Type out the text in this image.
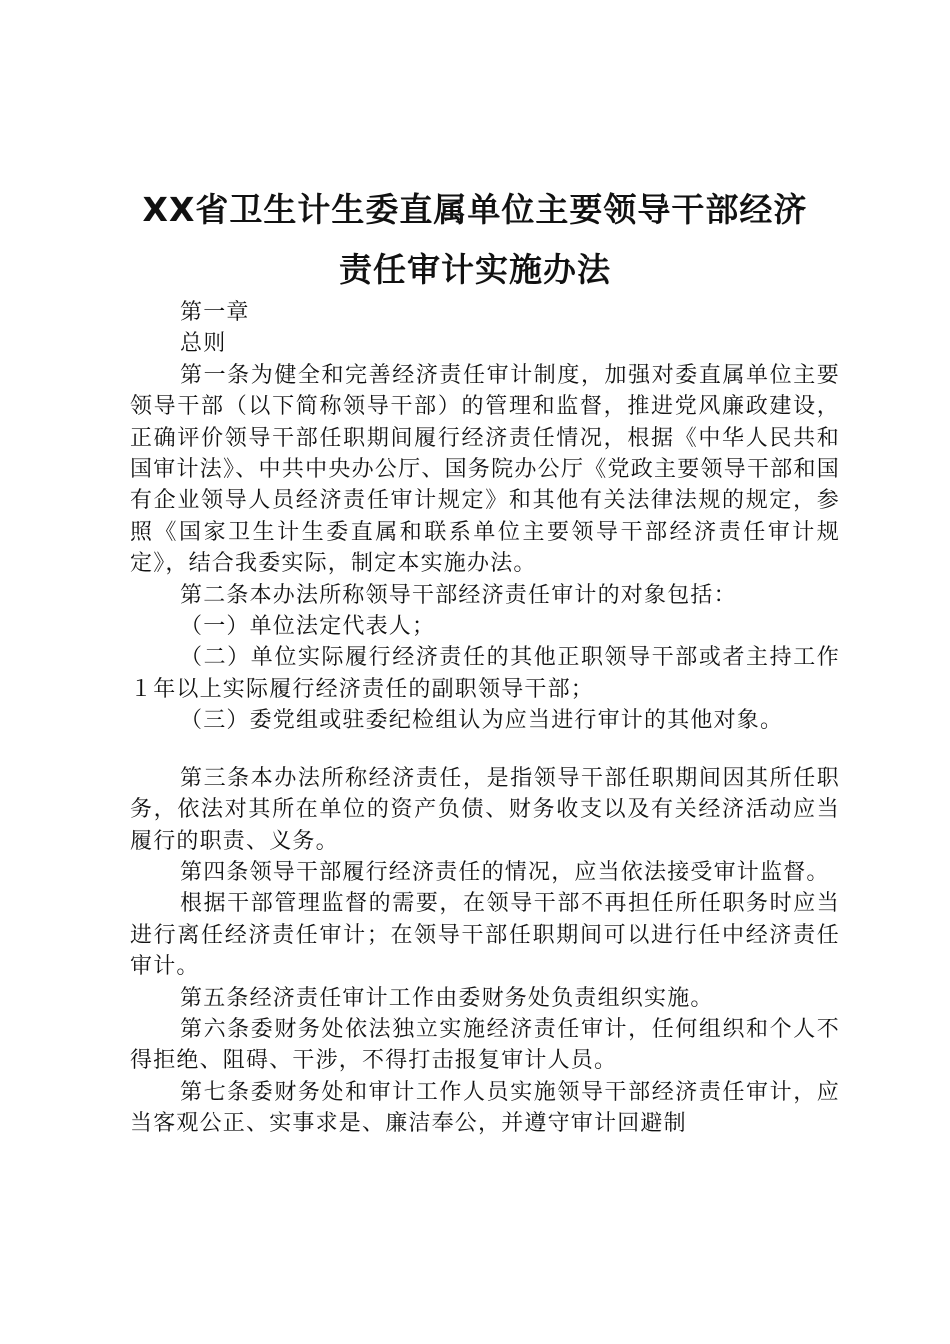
XX省卫生计生委直属单位主要领导干部经济
责任审计实施办法

第一章

总则

第一条为健全和完善经济责任审计制度，加强对委直属单位主要领导干部（以下简称领导干部）的管理和监督，推进党风廉政建设，正确评价领导干部任职期间履行经济责任情况，根据《中华人民共和国审计法》、中共中央办公厅、国务院办公厅《党政主要领导干部和国有企业领导人员经济责任审计规定》和其他有关法律法规的规定，参照《国家卫生计生委直属和联系单位主要领导干部经济责任审计规定》，结合我委实际，制定本实施办法。

第二条本办法所称领导干部经济责任审计的对象包括：

（一）单位法定代表人；

（二）单位实际履行经济责任的其他正职领导干部或者主持工作１年以上实际履行经济责任的副职领导干部；

（三）委党组或驻委纪检组认为应当进行审计的其他对象。

第三条本办法所称经济责任，是指领导干部任职期间因其所任职务，依法对其所在单位的资产负债、财务收支以及有关经济活动应当履行的职责、义务。

第四条领导干部履行经济责任的情况，应当依法接受审计监督。

根据干部管理监督的需要，在领导干部不再担任所任职务时应当进行离任经济责任审计；在领导干部任职期间可以进行任中经济责任审计。

第五条经济责任审计工作由委财务处负责组织实施。

第六条委财务处依法独立实施经济责任审计，任何组织和个人不得拒绝、阻碍、干涉，不得打击报复审计人员。

第七条委财务处和审计工作人员实施领导干部经济责任审计，应当客观公正、实事求是、廉洁奉公，并遵守审计回避制
